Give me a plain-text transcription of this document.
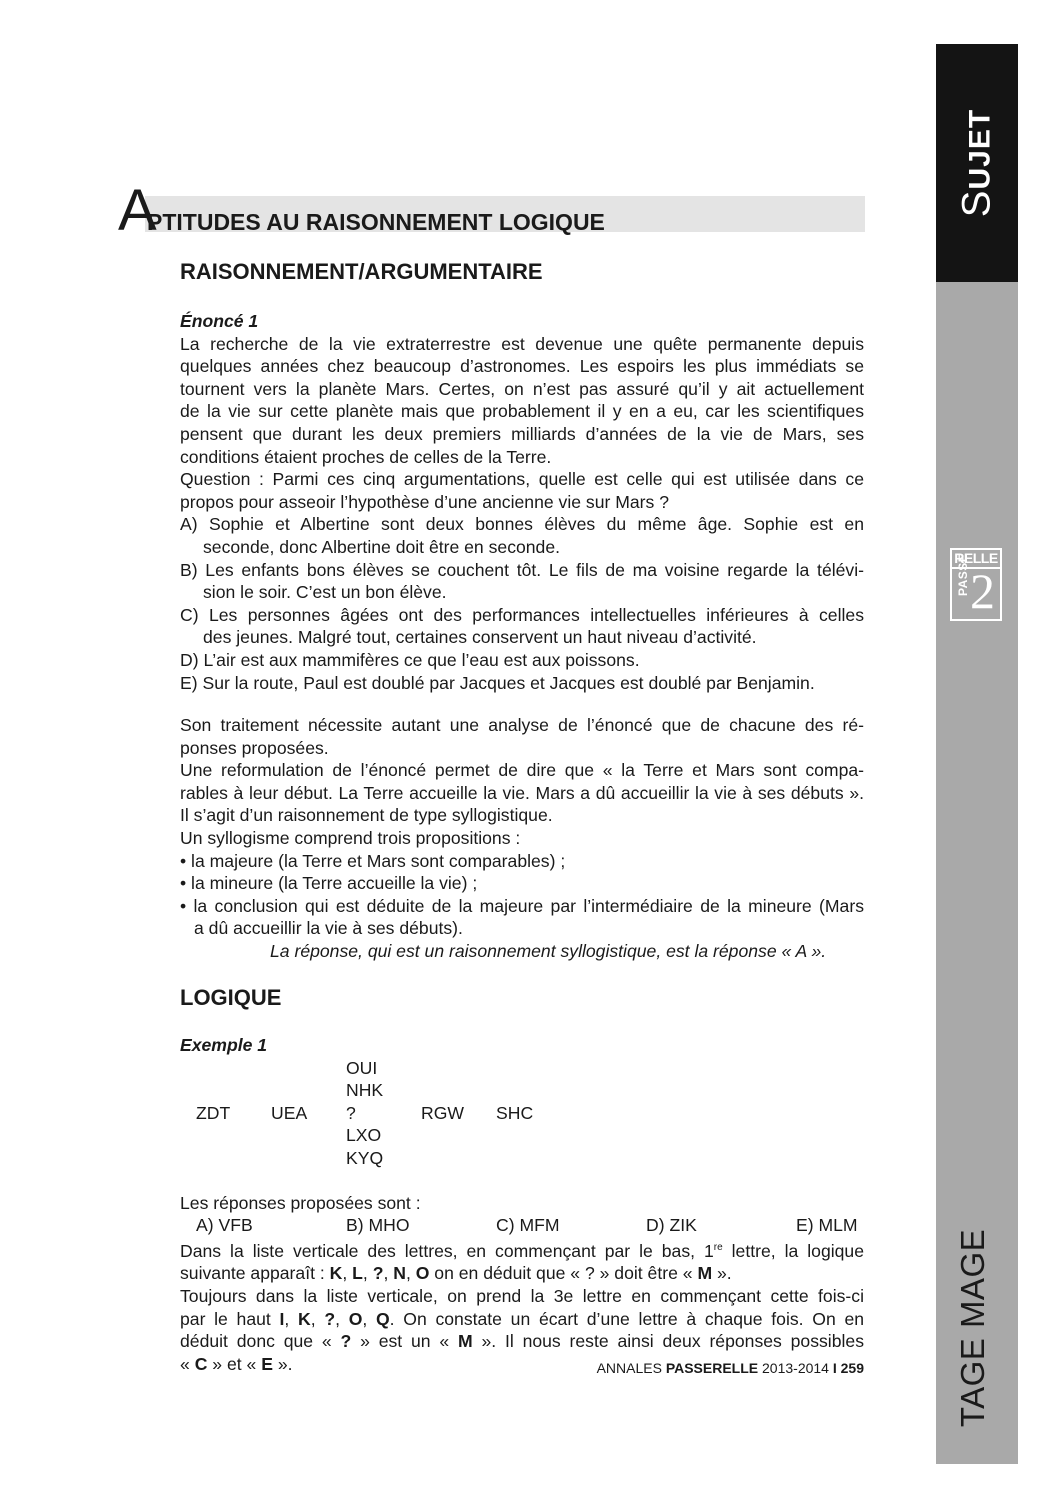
SUJET
RELLE
PASSE 2
TAGE MAGE
A
PTITUDES AU RAISONNEMENT LOGIQUE
RAISONNEMENT/ARGUMENTAIRE
Énoncé 1
La recherche de la vie extraterrestre est devenue une quête permanente depuis
quelques années chez beaucoup d’astronomes. Les espoirs les plus immédiats se
tournent vers la planète Mars. Certes, on n’est pas assuré qu’il y ait actuellement
de la vie sur cette planète mais que probablement il y en a eu, car les scientifiques
pensent que durant les deux premiers milliards d’années de la vie de Mars, ses
conditions étaient proches de celles de la Terre.
Question : Parmi ces cinq argumentations, quelle est celle qui est utilisée dans ce
propos pour asseoir l’hypothèse d’une ancienne vie sur Mars ?
A) Sophie et Albertine sont deux bonnes élèves du même âge. Sophie est en
seconde, donc Albertine doit être en seconde.
B) Les enfants bons élèves se couchent tôt. Le fils de ma voisine regarde la télévi-
sion le soir. C’est un bon élève.
C) Les personnes âgées ont des performances intellectuelles inférieures à celles
des jeunes. Malgré tout, certaines conservent un haut niveau d’activité.
D) L’air est aux mammifères ce que l’eau est aux poissons.
E) Sur la route, Paul est doublé par Jacques et Jacques est doublé par Benjamin.
Son traitement nécessite autant une analyse de l’énoncé que de chacune des ré-
ponses proposées.
Une reformulation de l’énoncé permet de dire que « la Terre et Mars sont compa-
rables à leur début. La Terre accueille la vie. Mars a dû accueillir la vie à ses débuts ».
Il s’agit d’un raisonnement de type syllogistique.
Un syllogisme comprend trois propositions :
• la majeure (la Terre et Mars sont comparables) ;
• la mineure (la Terre accueille la vie) ;
• la conclusion qui est déduite de la majeure par l’intermédiaire de la mineure (Mars
a dû accueillir la vie à ses débuts).
La réponse, qui est un raisonnement syllogistique, est la réponse « A ».
LOGIQUE
Exemple 1
OUI
NHK
ZDT UEA ?	RGW SHC
LXO
KYQ
Les réponses proposées sont :
A) VFB	B) MHO	C) MFM	D) ZIK	E) MLM
Dans la liste verticale des lettres, en commençant par le bas, 1re lettre, la logique
suivante apparaît : K, L, ?, N, O on en déduit que « ? » doit être « M ».
Toujours dans la liste verticale, on prend la 3e lettre en commençant cette fois-ci
par le haut I, K, ?, O, Q. On constate un écart d’une lettre à chaque fois. On en
déduit donc que « ? » est un « M ». Il nous reste ainsi deux réponses possibles
« C » et « E ».	ANNALES PASSERELLE 2013-2014 I 259
